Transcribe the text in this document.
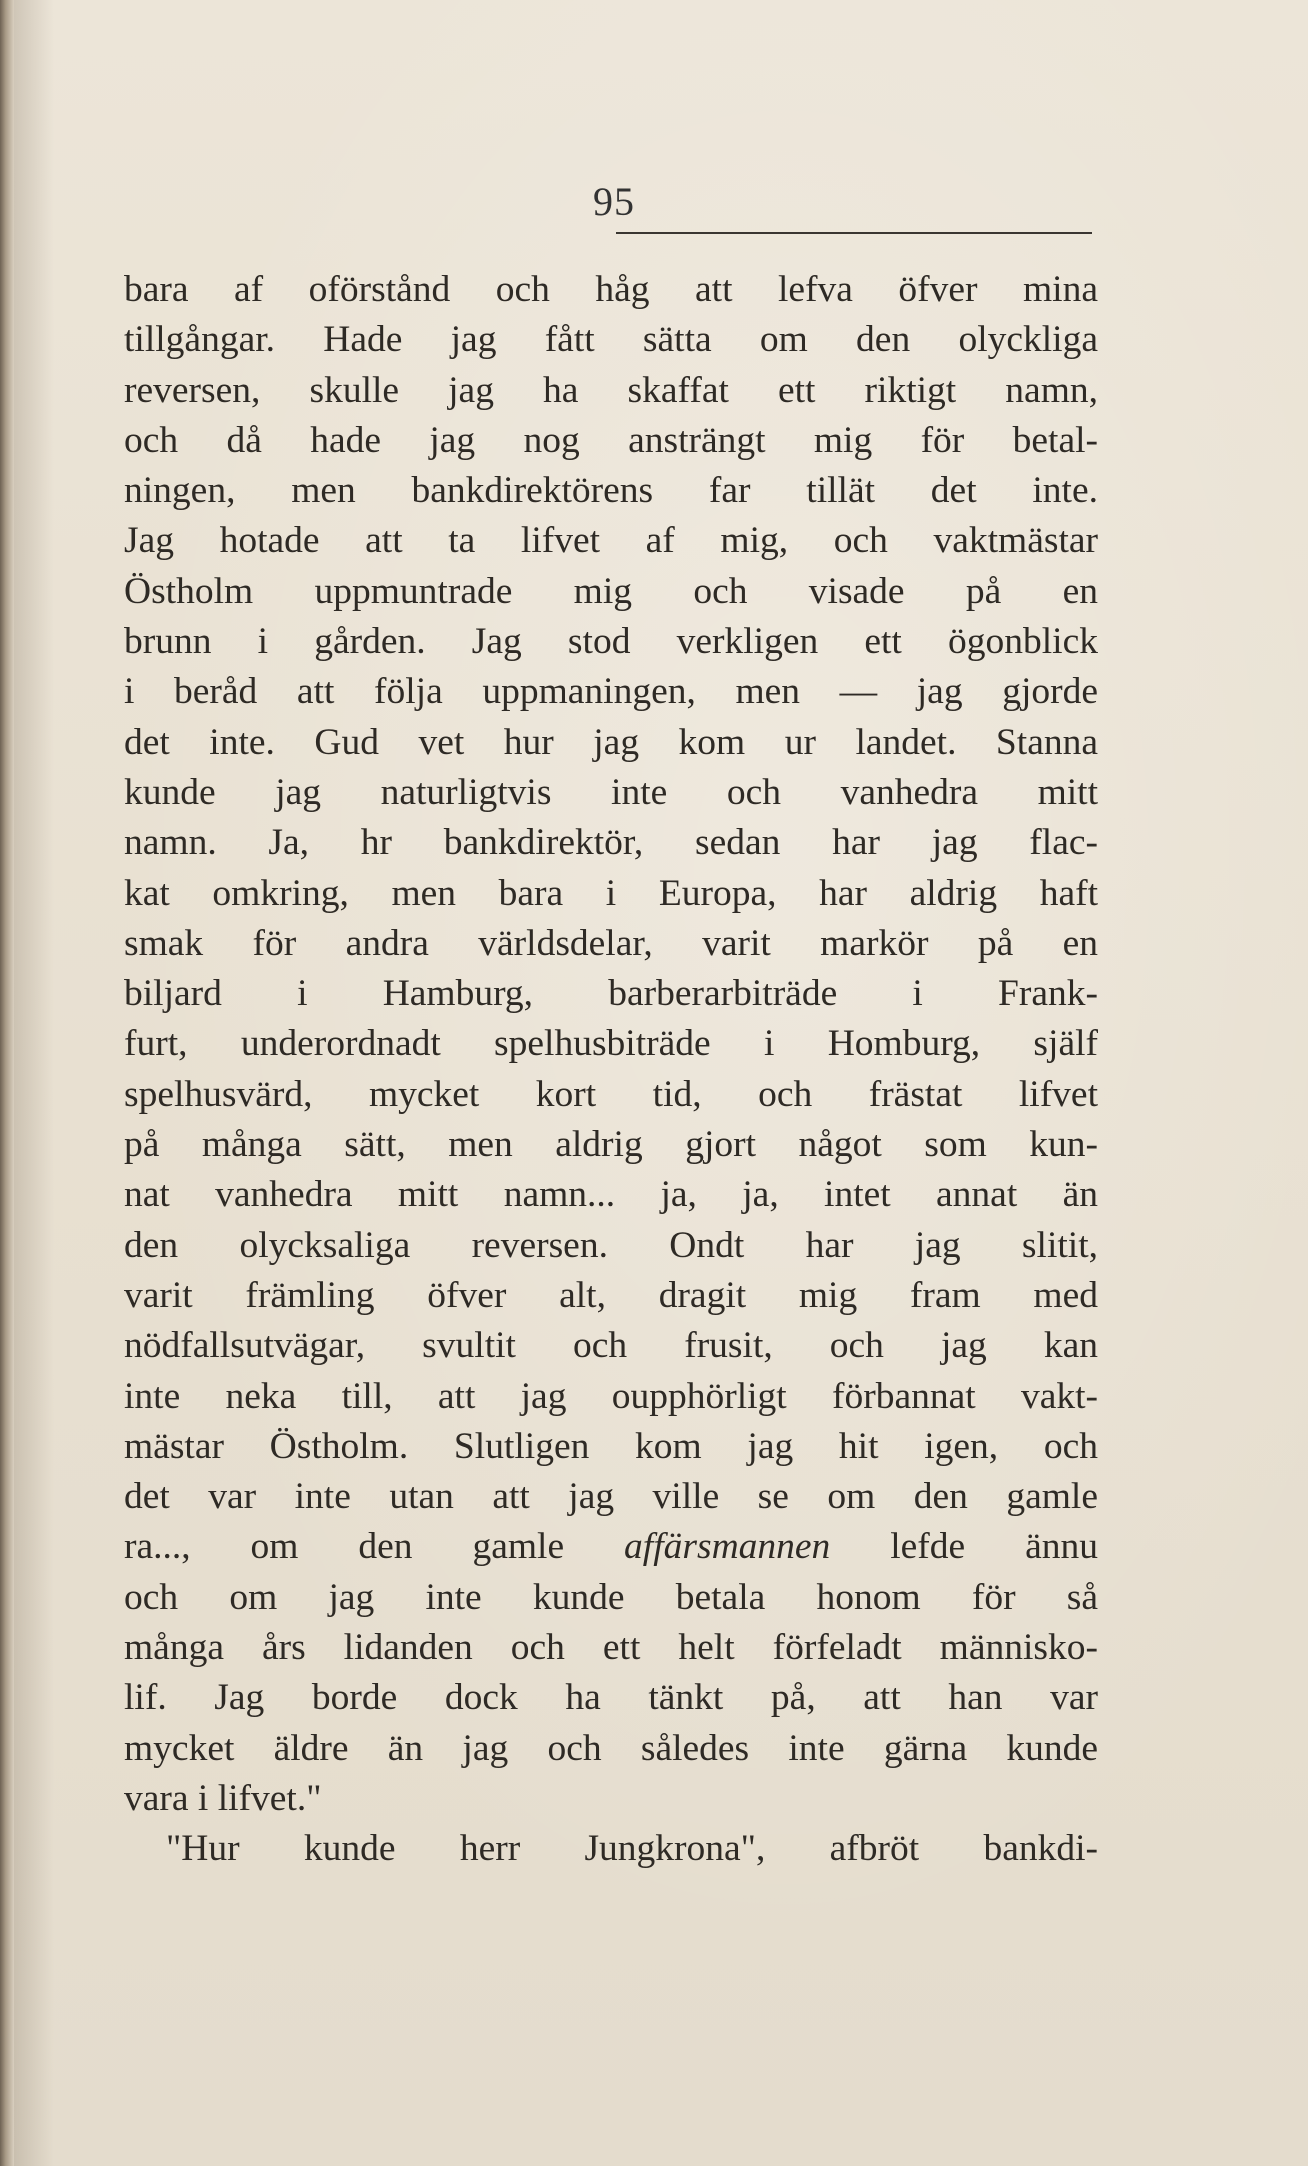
95
bara af oförstånd och håg att lefva öfver mina
tillgångar. Hade jag fått sätta om den olyckliga
reversen, skulle jag ha skaffat ett riktigt namn,
och då hade jag nog ansträngt mig för betal-
ningen, men bankdirektörens far tillät det inte.
Jag hotade att ta lifvet af mig, och vaktmästar
Östholm uppmuntrade mig och visade på en
brunn i gården. Jag stod verkligen ett ögonblick
i beråd att följa uppmaningen, men — jag gjorde
det inte. Gud vet hur jag kom ur landet. Stanna
kunde jag naturligtvis inte och vanhedra mitt
namn. Ja, hr bankdirektör, sedan har jag flac-
kat omkring, men bara i Europa, har aldrig haft
smak för andra världsdelar, varit markör på en
biljard i Hamburg, barberarbiträde i Frank-
furt, underordnadt spelhusbiträde i Homburg, själf
spelhusvärd, mycket kort tid, och frästat lifvet
på många sätt, men aldrig gjort något som kun-
nat vanhedra mitt namn... ja, ja, intet annat än
den olycksaliga reversen. Ondt har jag slitit,
varit främling öfver alt, dragit mig fram med
nödfallsutvägar, svultit och frusit, och jag kan
inte neka till, att jag oupphörligt förbannat vakt-
mästar Östholm. Slutligen kom jag hit igen, och
det var inte utan att jag ville se om den gamle
ra..., om den gamle affärsmannen lefde ännu
och om jag inte kunde betala honom för så
många års lidanden och ett helt förfeladt människo-
lif. Jag borde dock ha tänkt på, att han var
mycket äldre än jag och således inte gärna kunde
vara i lifvet."
"Hur kunde herr Jungkrona", afbröt bankdi-
